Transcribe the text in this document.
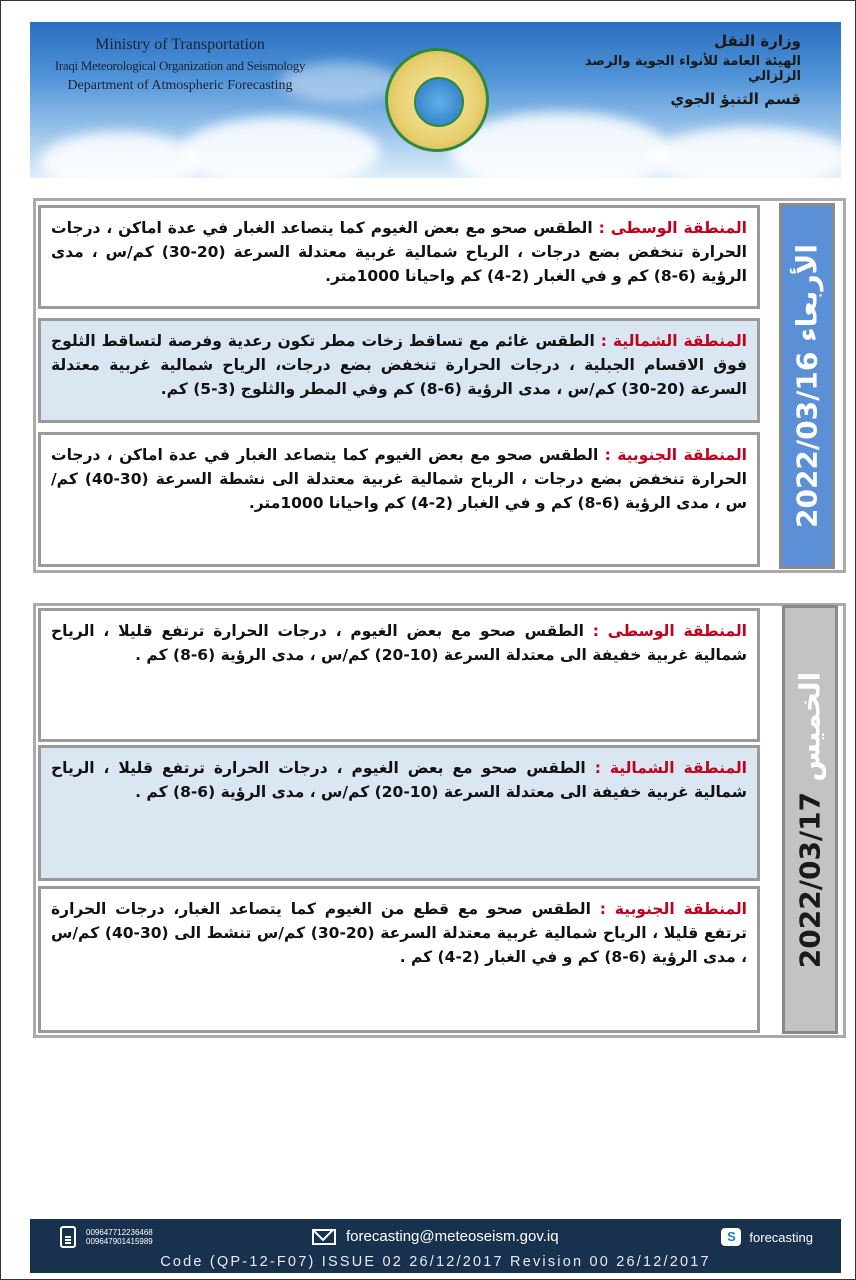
Ministry of Transportation
Iraqi Meteorological Organization and Seismology
Department of Atmospheric Forecasting
وزارة النقل
الهيئة العامة للأنواء الجوية والرصد الزلزالي
قسم التنبؤ الجوي
المنطقة الوسطى : الطقس صحو مع بعض الغيوم كما يتصاعد الغبار في عدة اماكن ، درجات الحرارة تنخفض بضع درجات ، الرياح شمالية غربية معتدلة السرعة (20-30) كم/س ، مدى الرؤية (6-8) كم و في الغبار (2-4) كم واحيانا 1000متر.
المنطقة الشمالية : الطقس غائم مع تساقط زخات مطر تكون رعدية وفرصة لتساقط الثلوج فوق الاقسام الجبلية ، درجات الحرارة تنخفض بضع درجات، الرياح شمالية غربية معتدلة السرعة (20-30) كم/س ، مدى الرؤية (6-8) كم وفي المطر والثلوج (3-5) كم.
المنطقة الجنوبية : الطقس صحو مع بعض الغيوم كما يتصاعد الغبار في عدة اماكن ، درجات الحرارة تنخفض بضع درجات ، الرياح شمالية غربية معتدلة الى نشطة السرعة (30-40) كم/س ، مدى الرؤية (6-8) كم و في الغبار (2-4) كم واحيانا 1000متر.	2022/03/16الأربعاء
المنطقة الوسطى : الطقس صحو مع بعض الغيوم ، درجات الحرارة ترتفع قليلا ، الرياح شمالية غربية خفيفة الى معتدلة السرعة (10-20) كم/س ، مدى الرؤية (6-8) كم .
المنطقة الشمالية : الطقس صحو مع بعض الغيوم ، درجات الحرارة ترتفع قليلا ، الرياح شمالية غربية خفيفة الى معتدلة السرعة (10-20) كم/س ، مدى الرؤية (6-8) كم .
المنطقة الجنوبية : الطقس صحو مع قطع من الغيوم كما يتصاعد الغبار، درجات الحرارة ترتفع قليلا ، الرياح شمالية غربية معتدلة السرعة (20-30) كم/س تنشط الى (30-40) كم/س ، مدى الرؤية (6-8) كم و في الغبار (2-4) كم .	2022/03/17الخميس
009647712236468
009647901415989	forecasting@meteoseism.gov.iq	S	forecasting
Code (QP-12-F07) ISSUE 02 26/12/2017 Revision 00 26/12/2017
